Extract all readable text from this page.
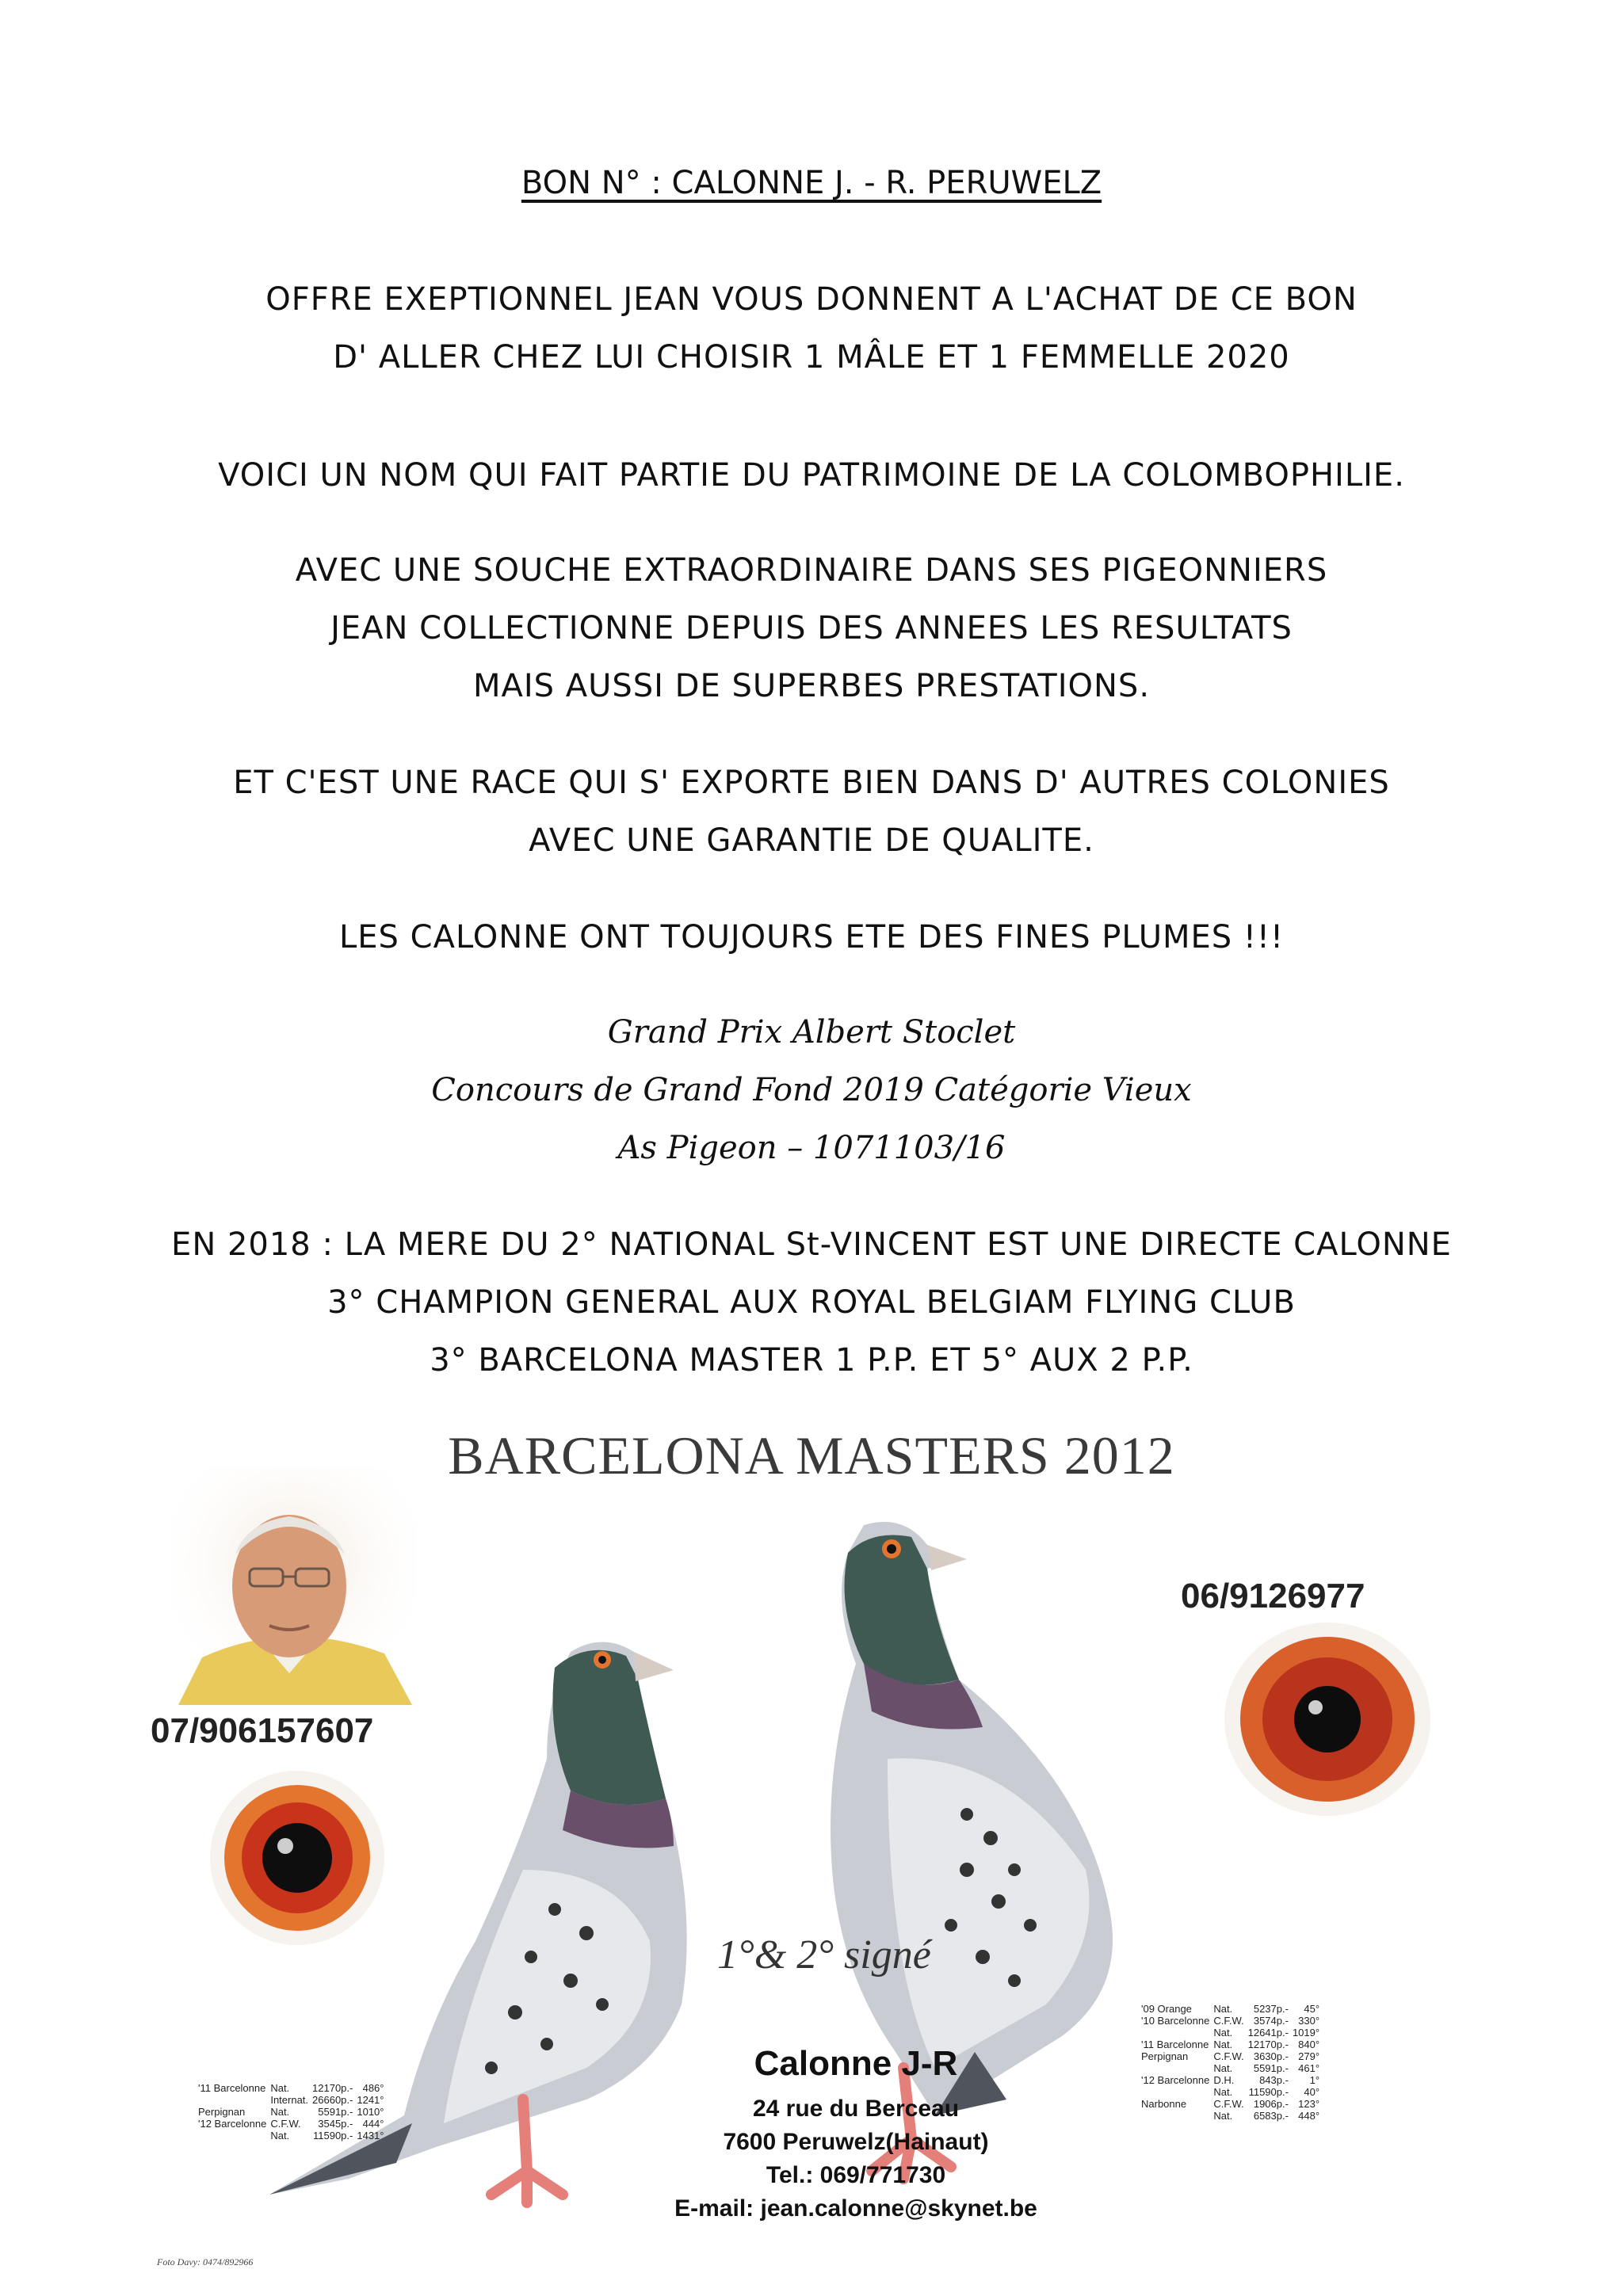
BON N° : CALONNE J. - R. PERUWELZ
OFFRE EXEPTIONNEL JEAN VOUS DONNENT A L'ACHAT DE CE BON
D' ALLER CHEZ LUI CHOISIR 1 MÂLE ET 1 FEMMELLE 2020
VOICI UN NOM QUI FAIT PARTIE DU PATRIMOINE DE LA COLOMBOPHILIE.
AVEC UNE SOUCHE EXTRAORDINAIRE DANS SES PIGEONNIERS
JEAN COLLECTIONNE DEPUIS DES ANNEES LES RESULTATS
MAIS AUSSI DE SUPERBES PRESTATIONS.
ET C'EST UNE RACE QUI S' EXPORTE BIEN DANS D' AUTRES COLONIES
AVEC UNE GARANTIE DE QUALITE.
LES CALONNE ONT TOUJOURS ETE DES FINES PLUMES !!!
Grand Prix Albert Stoclet
Concours de Grand Fond 2019 Catégorie Vieux
As Pigeon – 1071103/16
EN 2018 : LA MERE DU 2° NATIONAL St-VINCENT EST UNE DIRECTE CALONNE
3° CHAMPION GENERAL AUX ROYAL BELGIAM FLYING CLUB
3° BARCELONA MASTER 1 P.P. ET 5° AUX 2 P.P.
BARCELONA MASTERS 2012
07/906157607
06/9126977
1°& 2° signé
Calonne J-R
24 rue du Berceau
7600 Peruwelz(Hainaut)
Tel.: 069/771730
E-mail: jean.calonne@skynet.be
'11 Barcelonne	Nat.	12170p.-	486°
	Internat.	26660p.-	1241°
Perpignan	Nat.	5591p.-	1010°
'12 Barcelonne	C.F.W.	3545p.-	444°
	Nat.	11590p.-	1431°
'09 Orange	Nat.	5237p.-	45°
'10 Barcelonne	C.F.W.	3574p.-	330°
	Nat.	12641p.-	1019°
'11 Barcelonne	Nat.	12170p.-	840°
Perpignan	C.F.W.	3630p.-	279°
	Nat.	5591p.-	461°
'12 Barcelonne	D.H.	843p.-	1°
	Nat.	11590p.-	40°
Narbonne	C.F.W.	1906p.-	123°
	Nat.	6583p.-	448°
Foto Davy: 0474/892966
